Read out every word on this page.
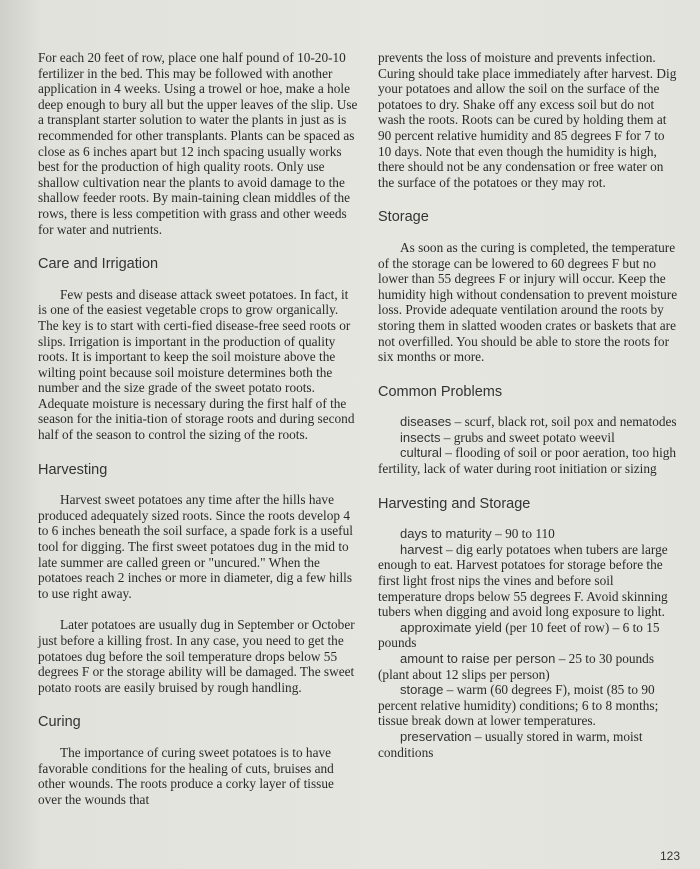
For each 20 feet of row, place one half pound of 10-20-10 fertilizer in the bed. This may be followed with another application in 4 weeks. Using a trowel or hoe, make a hole deep enough to bury all but the upper leaves of the slip. Use a transplant starter solution to water the plants in just as is recommended for other transplants. Plants can be spaced as close as 6 inches apart but 12 inch spacing usually works best for the production of high quality roots. Only use shallow cultivation near the plants to avoid damage to the shallow feeder roots. By main-taining clean middles of the rows, there is less competition with grass and other weeds for water and nutrients.

Care and Irrigation

Few pests and disease attack sweet potatoes. In fact, it is one of the easiest vegetable crops to grow organically. The key is to start with certi-fied disease-free seed roots or slips. Irrigation is important in the production of quality roots. It is important to keep the soil moisture above the wilting point because soil moisture determines both the number and the size grade of the sweet potato roots. Adequate moisture is necessary during the first half of the season for the initia-tion of storage roots and during second half of the season to control the sizing of the roots.

Harvesting

Harvest sweet potatoes any time after the hills have produced adequately sized roots. Since the roots develop 4 to 6 inches beneath the soil surface, a spade fork is a useful tool for digging. The first sweet potatoes dug in the mid to late summer are called green or "uncured." When the potatoes reach 2 inches or more in diameter, dig a few hills to use right away.

Later potatoes are usually dug in September or October just before a killing frost. In any case, you need to get the potatoes dug before the soil temperature drops below 55 degrees F or the storage ability will be damaged. The sweet potato roots are easily bruised by rough handling.

Curing

The importance of curing sweet potatoes is to have favorable conditions for the healing of cuts, bruises and other wounds. The roots produce a corky layer of tissue over the wounds that

prevents the loss of moisture and prevents infection. Curing should take place immediately after harvest. Dig your potatoes and allow the soil on the surface of the potatoes to dry. Shake off any excess soil but do not wash the roots. Roots can be cured by holding them at 90 percent relative humidity and 85 degrees F for 7 to 10 days. Note that even though the humidity is high, there should not be any condensation or free water on the surface of the potatoes or they may rot.

Storage

As soon as the curing is completed, the temperature of the storage can be lowered to 60 degrees F but no lower than 55 degrees F or injury will occur. Keep the humidity high without condensation to prevent moisture loss. Provide adequate ventilation around the roots by storing them in slatted wooden crates or baskets that are not overfilled. You should be able to store the roots for six months or more.

Common Problems

diseases – scurf, black rot, soil pox and nematodes

insects – grubs and sweet potato weevil

cultural – flooding of soil or poor aeration, too high fertility, lack of water during root initiation or sizing

Harvesting and Storage

days to maturity – 90 to 110

harvest – dig early potatoes when tubers are large enough to eat. Harvest potatoes for storage before the first light frost nips the vines and before soil temperature drops below 55 degrees F. Avoid skinning tubers when digging and avoid long exposure to light.

approximate yield (per 10 feet of row) – 6 to 15 pounds

amount to raise per person – 25 to 30 pounds (plant about 12 slips per person)

storage – warm (60 degrees F), moist (85 to 90 percent relative humidity) conditions; 6 to 8 months; tissue break down at lower temperatures.

preservation – usually stored in warm, moist conditions

123
